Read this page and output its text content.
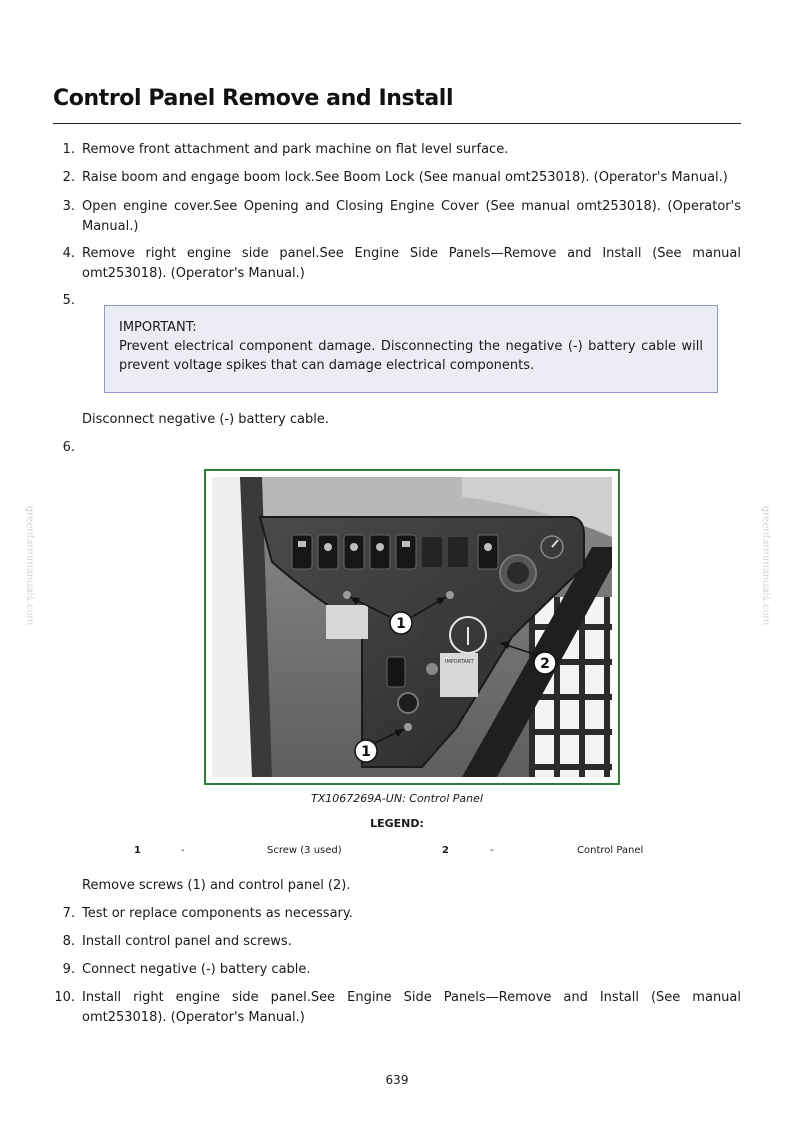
Control Panel Remove and Install
1. Remove front attachment and park machine on flat level surface.
2. Raise boom and engage boom lock.See Boom Lock (See manual omt253018). (Operator's Manual.)
3. Open engine cover.See Opening and Closing Engine Cover (See manual omt253018). (Operator's Manual.)
4. Remove right engine side panel.See Engine Side Panels—Remove and Install (See manual omt253018). (Operator's Manual.)
5.
IMPORTANT:
Prevent electrical component damage. Disconnecting the negative (-) battery cable will prevent voltage spikes that can damage electrical components.
Disconnect negative (-) battery cable.
6.
IMPORTANT
1
1
2
TX1067269A-UN: Control Panel
LEGEND:
1	-	Screw (3 used)	2	-	Control Panel
Remove screws (1) and control panel (2).
7. Test or replace components as necessary.
8. Install control panel and screws.
9. Connect negative (-) battery cable.
10. Install right engine side panel.See Engine Side Panels—Remove and Install (See manual omt253018). (Operator's Manual.)
greenfarmmanuals.com	greenfarmmanuals.com
639
